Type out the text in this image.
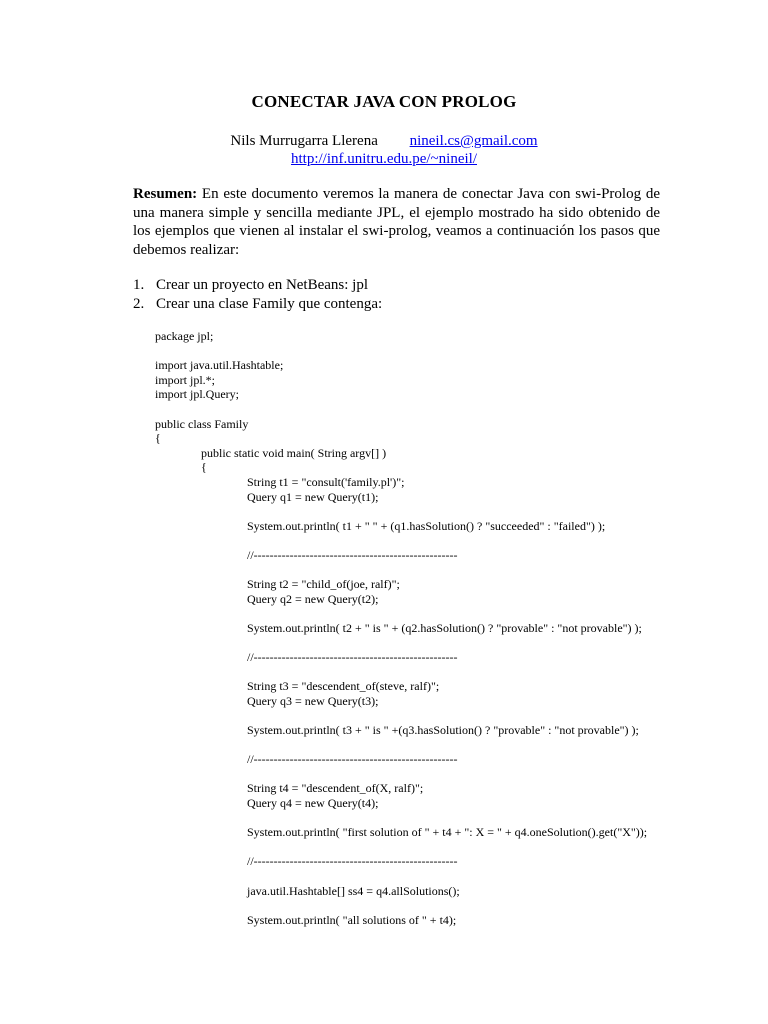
CONECTAR JAVA CON PROLOG
Nils Murrugarra Llerena nineil.cs@gmail.com
http://inf.unitru.edu.pe/~nineil/
Resumen: En este documento veremos la manera de conectar Java con swi-Prolog de una manera simple y sencilla mediante JPL, el ejemplo mostrado ha sido obtenido de los ejemplos que vienen al instalar el swi-prolog, veamos a continuación los pasos que debemos realizar:
1. Crear un proyecto en NetBeans: jpl
2. Crear una clase Family que contenga:
package jpl;
import java.util.Hashtable;
import jpl.*;
import jpl.Query;
public class Family
{
public static void main( String argv[] )
{
String t1 = "consult('family.pl')";
Query q1 = new Query(t1);
System.out.println( t1 + " " + (q1.hasSolution() ? "succeeded" : "failed") );
//---------------------------------------------------
String t2 = "child_of(joe, ralf)";
Query q2 = new Query(t2);
System.out.println( t2 + " is " + (q2.hasSolution() ? "provable" : "not provable") );
//---------------------------------------------------
String t3 = "descendent_of(steve, ralf)";
Query q3 = new Query(t3);
System.out.println( t3 + " is " +(q3.hasSolution() ? "provable" : "not provable") );
//---------------------------------------------------
String t4 = "descendent_of(X, ralf)";
Query q4 = new Query(t4);
System.out.println( "first solution of " + t4 + ": X = " + q4.oneSolution().get("X"));
//---------------------------------------------------
java.util.Hashtable[] ss4 = q4.allSolutions();
System.out.println( "all solutions of " + t4);
